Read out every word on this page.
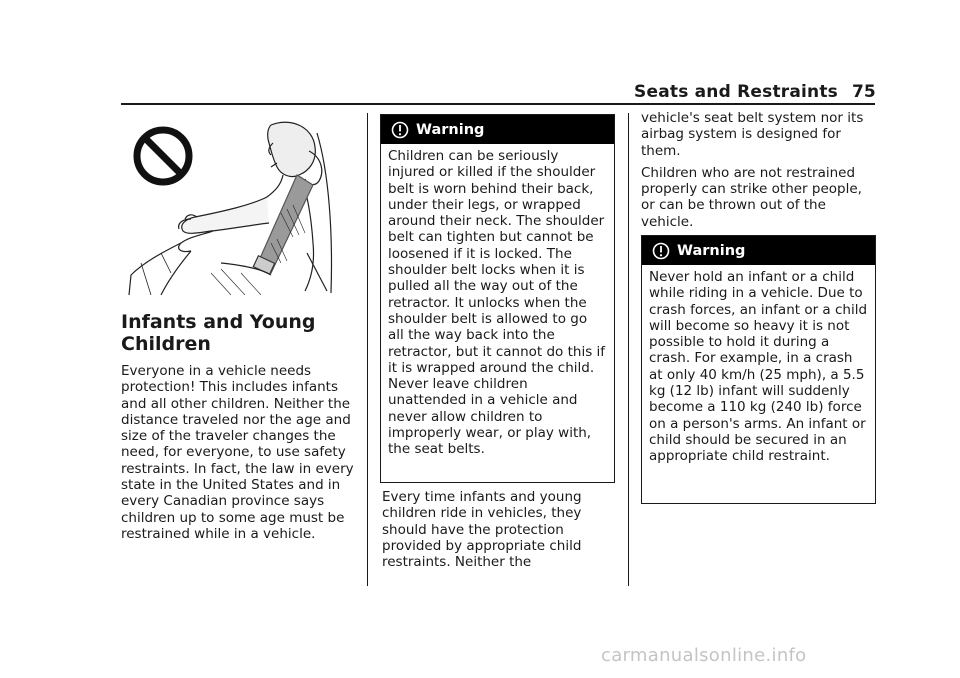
Seats and Restraints 75
Infants and Young Children

Everyone in a vehicle needs protection! This includes infants and all other children. Neither the distance traveled nor the age and size of the traveler changes the need, for everyone, to use safety restraints. In fact, the law in every state in the United States and in every Canadian province says children up to some age must be restrained while in a vehicle.

Warning
Children can be seriously injured or killed if the shoulder belt is worn behind their back, under their legs, or wrapped around their neck. The shoulder belt can tighten but cannot be loosened if it is locked. The shoulder belt locks when it is pulled all the way out of the retractor. It unlocks when the shoulder belt is allowed to go all the way back into the retractor, but it cannot do this if it is wrapped around the child. Never leave children unattended in a vehicle and never allow children to improperly wear, or play with, the seat belts.

Every time infants and young children ride in vehicles, they should have the protection provided by appropriate child restraints. Neither the

vehicle's seat belt system nor its airbag system is designed for them.

Children who are not restrained properly can strike other people, or can be thrown out of the vehicle.

Warning
Never hold an infant or a child while riding in a vehicle. Due to crash forces, an infant or a child will become so heavy it is not possible to hold it during a crash. For example, in a crash at only 40 km/h (25 mph), a 5.5 kg (12 lb) infant will suddenly become a 110 kg (240 lb) force on a person's arms. An infant or child should be secured in an appropriate child restraint.
carmanualsonline.info
